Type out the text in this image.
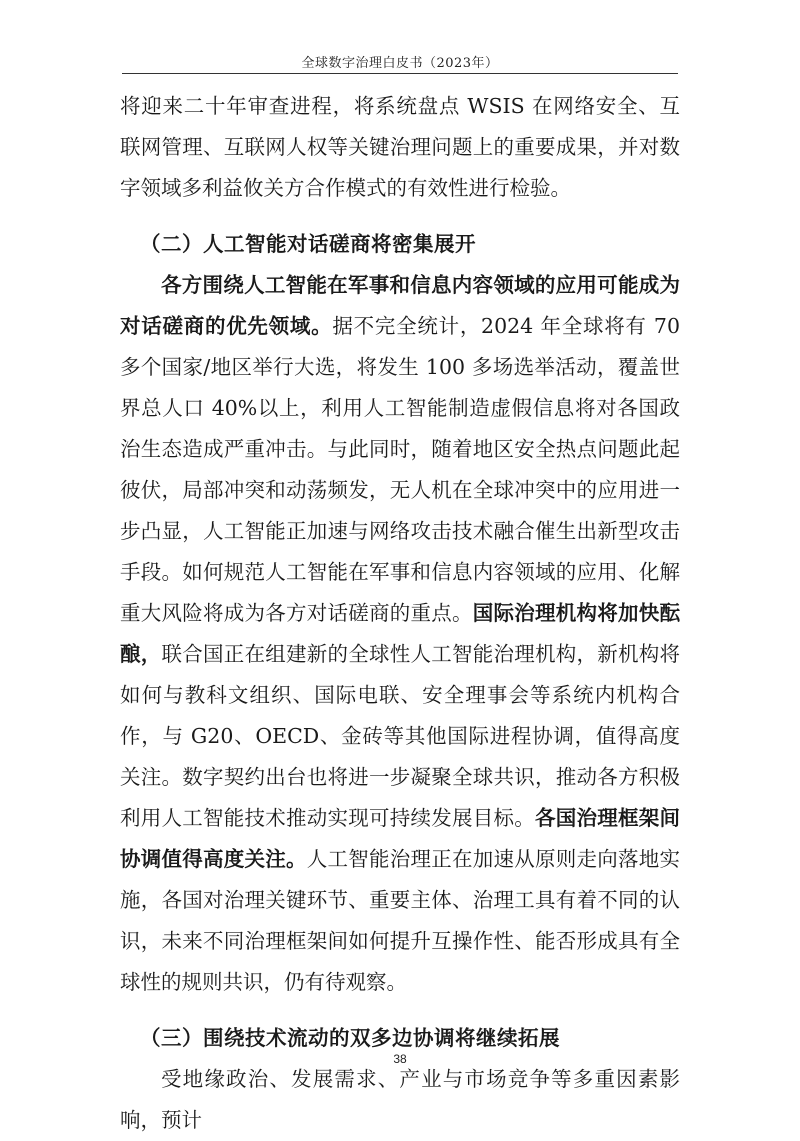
全球数字治理白皮书（2023年）

将迎来二十年审查进程，将系统盘点 WSIS 在网络安全、互联网管理、互联网人权等关键治理问题上的重要成果，并对数字领域多利益攸关方合作模式的有效性进行检验。

（二）人工智能对话磋商将密集展开

各方围绕人工智能在军事和信息内容领域的应用可能成为对话磋商的优先领域。据不完全统计，2024 年全球将有 70 多个国家/地区举行大选，将发生 100 多场选举活动，覆盖世界总人口 40%以上，利用人工智能制造虚假信息将对各国政治生态造成严重冲击。与此同时，随着地区安全热点问题此起彼伏，局部冲突和动荡频发，无人机在全球冲突中的应用进一步凸显，人工智能正加速与网络攻击技术融合催生出新型攻击手段。如何规范人工智能在军事和信息内容领域的应用、化解重大风险将成为各方对话磋商的重点。国际治理机构将加快酝酿，联合国正在组建新的全球性人工智能治理机构，新机构将如何与教科文组织、国际电联、安全理事会等系统内机构合作，与 G20、OECD、金砖等其他国际进程协调，值得高度关注。数字契约出台也将进一步凝聚全球共识，推动各方积极利用人工智能技术推动实现可持续发展目标。各国治理框架间协调值得高度关注。人工智能治理正在加速从原则走向落地实施，各国对治理关键环节、重要主体、治理工具有着不同的认识，未来不同治理框架间如何提升互操作性、能否形成具有全球性的规则共识，仍有待观察。

（三）围绕技术流动的双多边协调将继续拓展

受地缘政治、发展需求、产业与市场竞争等多重因素影响，预计

38
